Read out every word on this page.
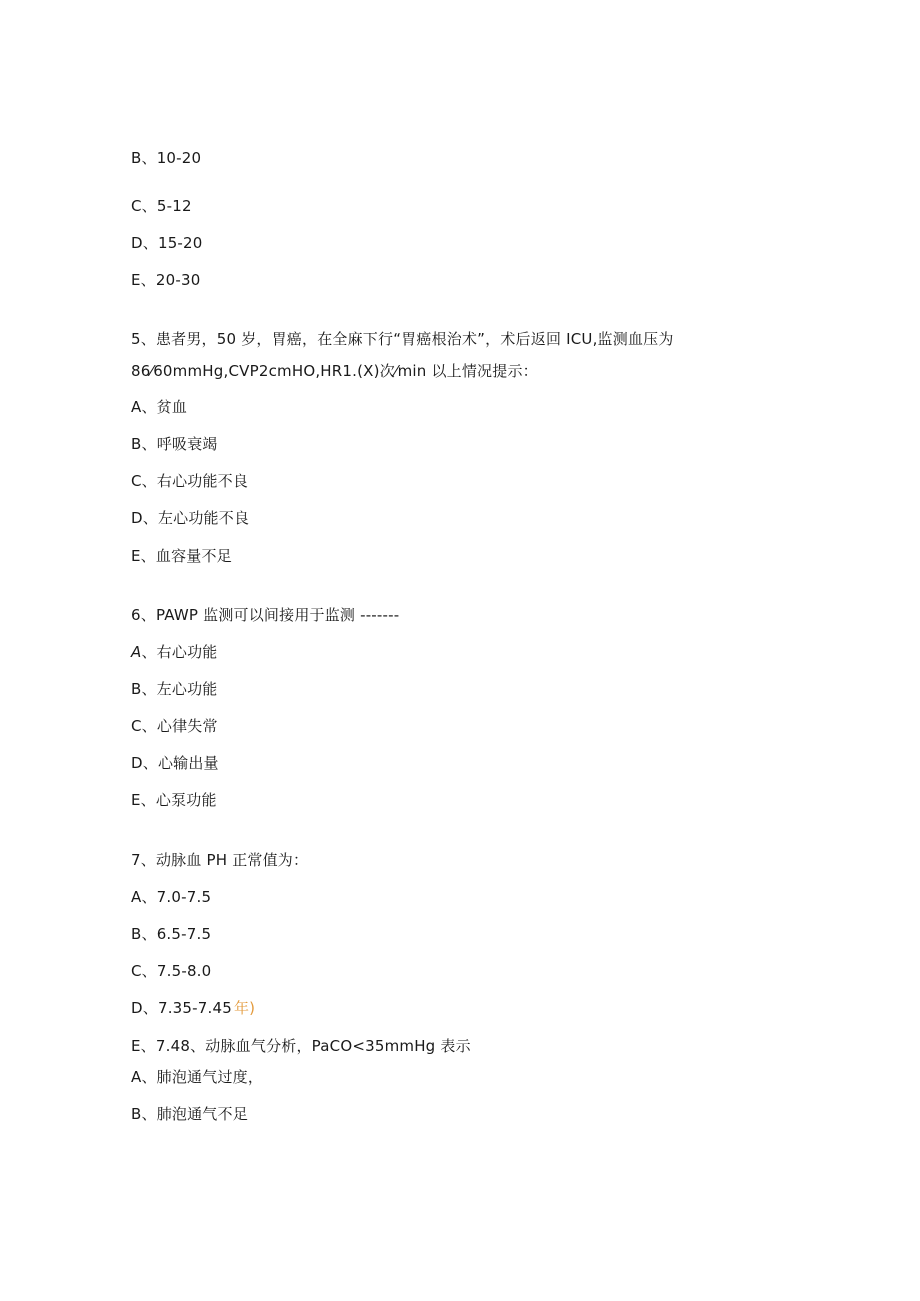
B、10-20
C、5-12
D、15-20
E、20-30
5、患者男，50 岁，胃癌，在全麻下行“胃癌根治术”，术后返回 ICU,监测血压为
86⁄60mmHg,CVP2cmHO,HR1.(X)次⁄min 以上情况提示：
A、贫血
B、呼吸衰竭
C、右心功能不良
D、左心功能不良
E、血容量不足
6、PAWP 监测可以间接用于监测 -------
A、右心功能
B、左心功能
C、心律失常
D、心输出量
E、心泵功能
7、动脉血 PH 正常值为：
A、7.0-7.5
B、6.5-7.5
C、7.5-8.0
D、7.35-7.45 年)
E、7.48、动脉血气分析，PaCO<35mmHg 表示
A、肺泡通气过度，
B、肺泡通气不足
